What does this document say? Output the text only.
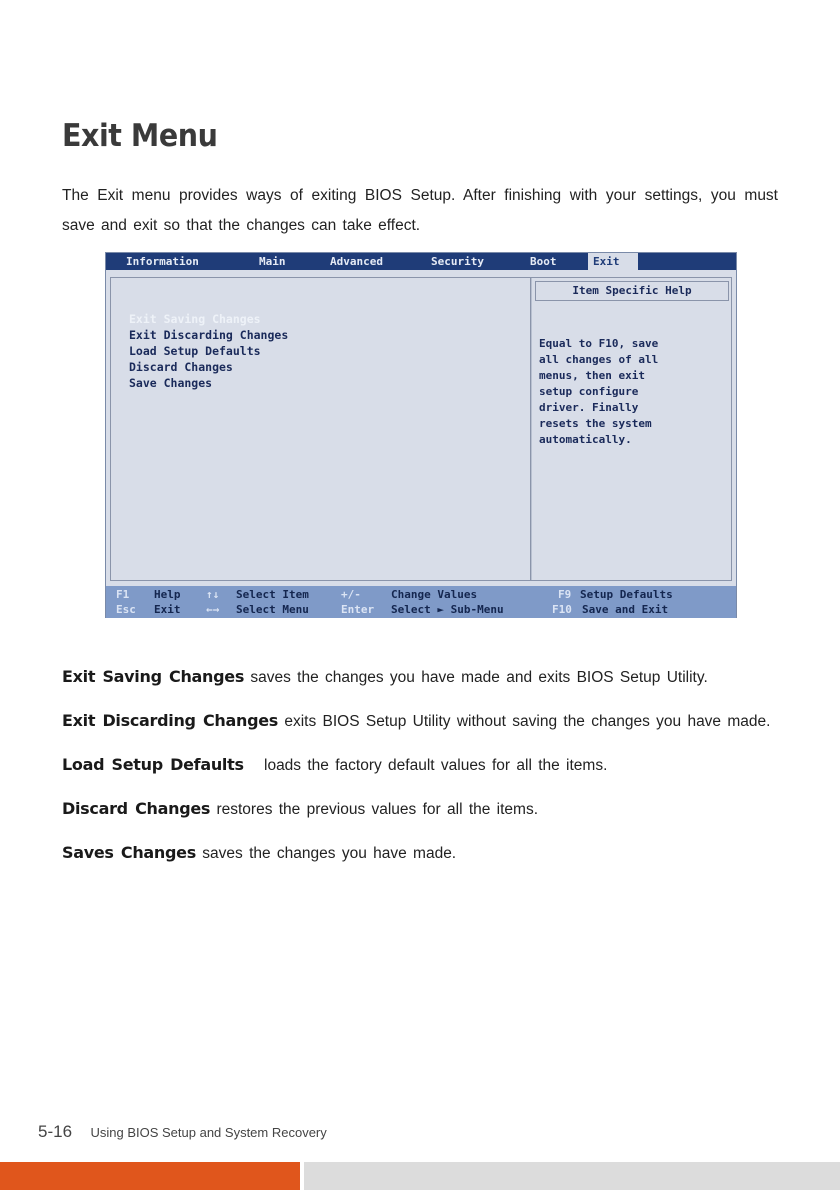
Exit Menu

The Exit menu provides ways of exiting BIOS Setup. After finishing with your settings, you must save and exit so that the changes can take effect.

Information	Main	Advanced	Security	Boot	Exit
Exit Saving Changes
Exit Discarding Changes
Load Setup Defaults
Discard Changes
Save Changes
Item Specific Help
Equal to F10, save
all changes of all
menus, then exit
setup configure
driver. Finally
resets the system
automatically.
F1 Help ↑↓ Select Item	+/-	Change Values	F9 Setup Defaults
Esc Exit ←→ Select Menu	Enter Select ► Sub-Menu	F10 Save and Exit

Exit Saving Changes saves the changes you have made and exits BIOS Setup Utility.

Exit Discarding Changes exits BIOS Setup Utility without saving the changes you have made.

Load Setup Defaults loads the factory default values for all the items.

Discard Changes restores the previous values for all the items.

Saves Changes saves the changes you have made.

5-16 Using BIOS Setup and System Recovery
